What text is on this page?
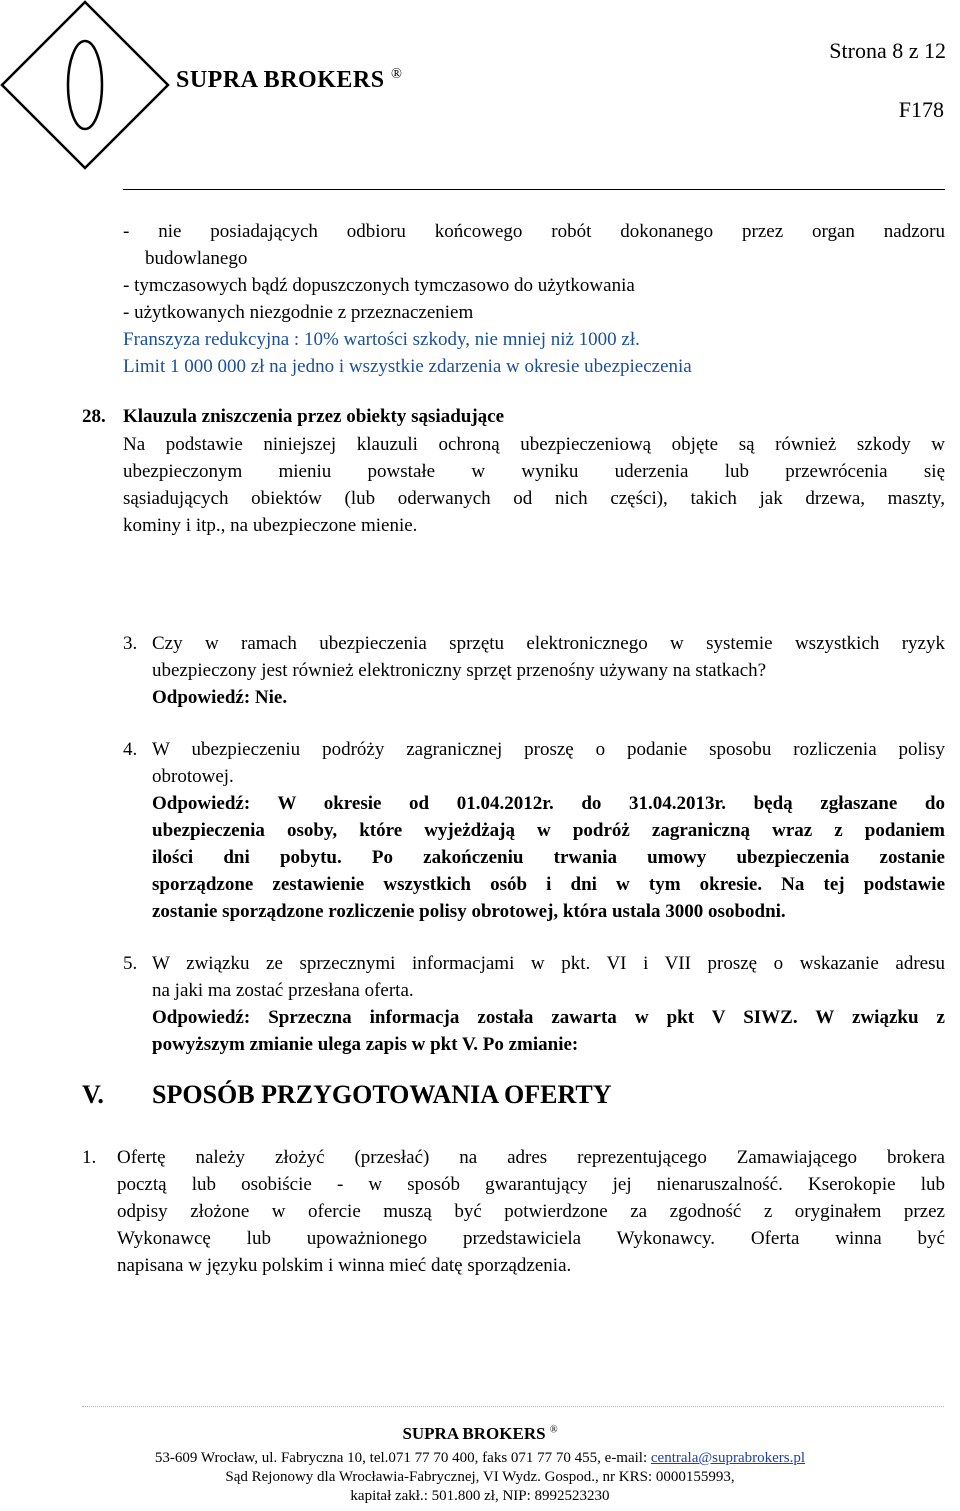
SUPRA BROKERS ®
Strona 8 z 12
F178
- nie posiadających odbioru końcowego robót dokonanego przez organ nadzoru
budowlanego
- tymczasowych bądź dopuszczonych tymczasowo do użytkowania
- użytkowanych niezgodnie z przeznaczeniem
Franszyza redukcyjna : 10% wartości szkody, nie mniej niż 1000 zł.
Limit 1 000 000 zł na jedno i wszystkie zdarzenia w okresie ubezpieczenia
28. Klauzula zniszczenia przez obiekty sąsiadujące
Na podstawie niniejszej klauzuli ochroną ubezpieczeniową objęte są również szkody w
ubezpieczonym mieniu powstałe w wyniku uderzenia lub przewrócenia się
sąsiadujących obiektów (lub oderwanych od nich części), takich jak drzewa, maszty,
kominy i itp., na ubezpieczone mienie.
3. Czy w ramach ubezpieczenia sprzętu elektronicznego w systemie wszystkich ryzyk
ubezpieczony jest również elektroniczny sprzęt przenośny używany na statkach?
Odpowiedź: Nie.
4. W ubezpieczeniu podróży zagranicznej proszę o podanie sposobu rozliczenia polisy
obrotowej.
Odpowiedź: W okresie od 01.04.2012r. do 31.04.2013r. będą zgłaszane do
ubezpieczenia osoby, które wyjeżdżają w podróż zagraniczną wraz z podaniem
ilości dni pobytu. Po zakończeniu trwania umowy ubezpieczenia zostanie
sporządzone zestawienie wszystkich osób i dni w tym okresie. Na tej podstawie
zostanie sporządzone rozliczenie polisy obrotowej, która ustala 3000 osobodni.
5. W związku ze sprzecznymi informacjami w pkt. VI i VII proszę o wskazanie adresu
na jaki ma zostać przesłana oferta.
Odpowiedź: Sprzeczna informacja została zawarta w pkt V SIWZ. W związku z
powyższym zmianie ulega zapis w pkt V. Po zmianie:
V. SPOSÓB PRZYGOTOWANIA OFERTY
1. Ofertę należy złożyć (przesłać) na adres reprezentującego Zamawiającego brokera
pocztą lub osobiście - w sposób gwarantujący jej nienaruszalność. Kserokopie lub
odpisy złożone w ofercie muszą być potwierdzone za zgodność z oryginałem przez
Wykonawcę lub upoważnionego przedstawiciela Wykonawcy. Oferta winna być
napisana w języku polskim i winna mieć datę sporządzenia.
SUPRA BROKERS ®
53-609 Wrocław, ul. Fabryczna 10, tel.071 77 70 400, faks 071 77 70 455, e-mail: centrala@suprabrokers.pl
Sąd Rejonowy dla Wrocławia-Fabrycznej, VI Wydz. Gospod., nr KRS: 0000155993,
kapitał zakł.: 501.800 zł, NIP: 8992523230
